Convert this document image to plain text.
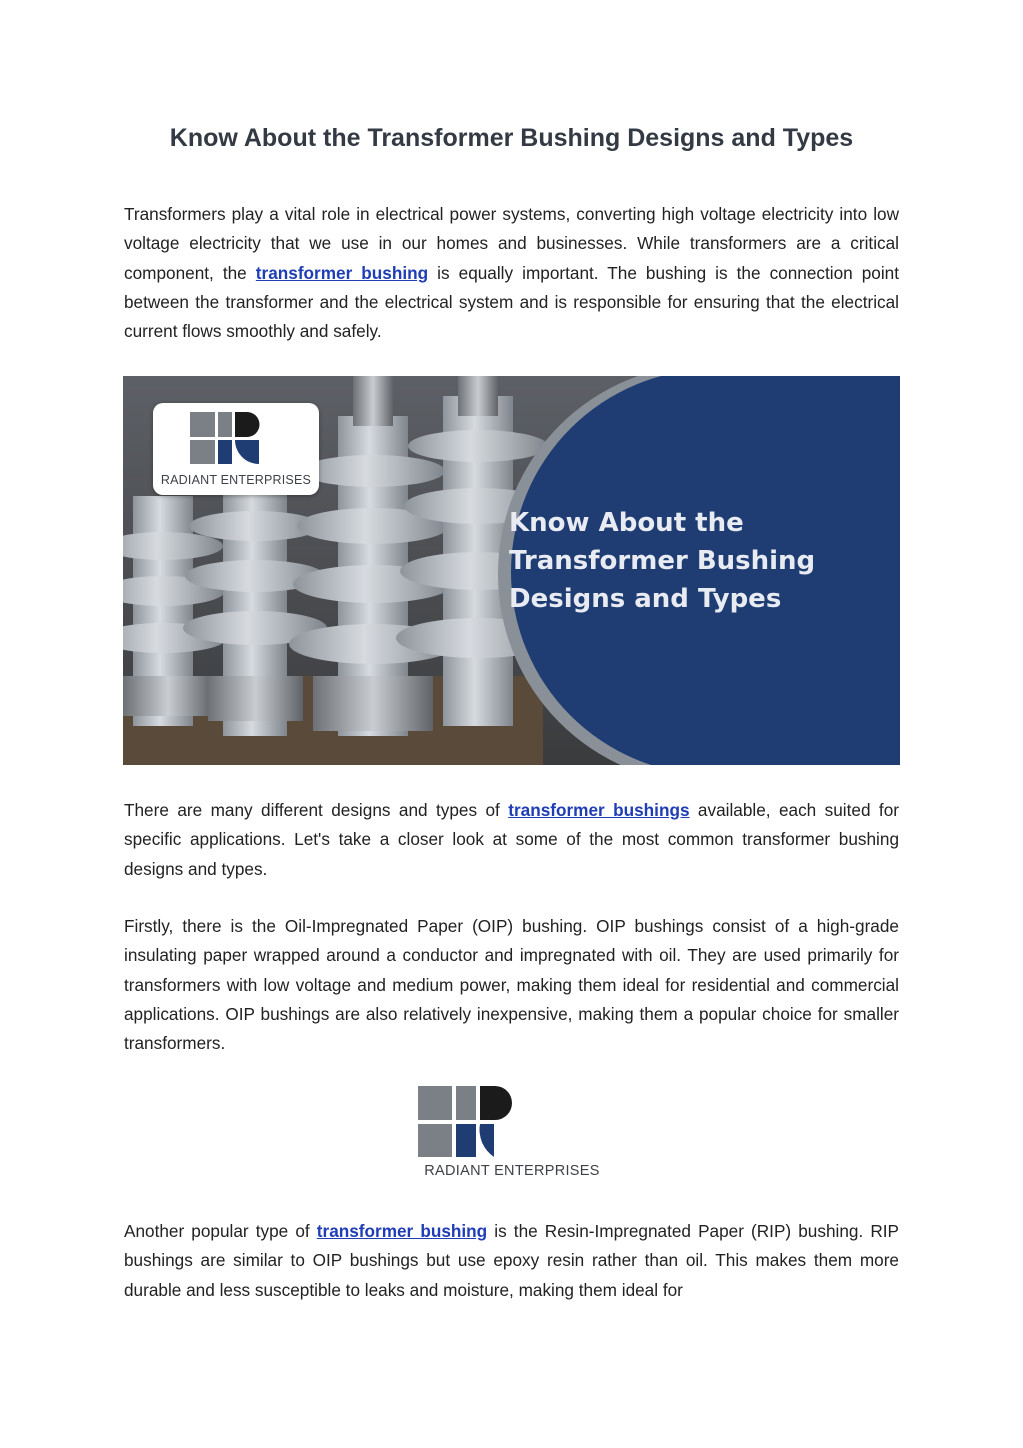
Know About the Transformer Bushing Designs and Types

Transformers play a vital role in electrical power systems, converting high voltage electricity into low voltage electricity that we use in our homes and businesses. While transformers are a critical component, the transformer bushing is equally important. The bushing is the connection point between the transformer and the electrical system and is responsible for ensuring that the electrical current flows smoothly and safely.

RADIANT ENTERPRISES
Know About the
Transformer Bushing
Designs and Types

There are many different designs and types of transformer bushings available, each suited for specific applications. Let's take a closer look at some of the most common transformer bushing designs and types.

Firstly, there is the Oil-Impregnated Paper (OIP) bushing. OIP bushings consist of a high-grade insulating paper wrapped around a conductor and impregnated with oil. They are used primarily for transformers with low voltage and medium power, making them ideal for residential and commercial applications. OIP bushings are also relatively inexpensive, making them a popular choice for smaller transformers.

RADIANT ENTERPRISES

Another popular type of transformer bushing is the Resin-Impregnated Paper (RIP) bushing. RIP bushings are similar to OIP bushings but use epoxy resin rather than oil. This makes them more durable and less susceptible to leaks and moisture, making them ideal for
